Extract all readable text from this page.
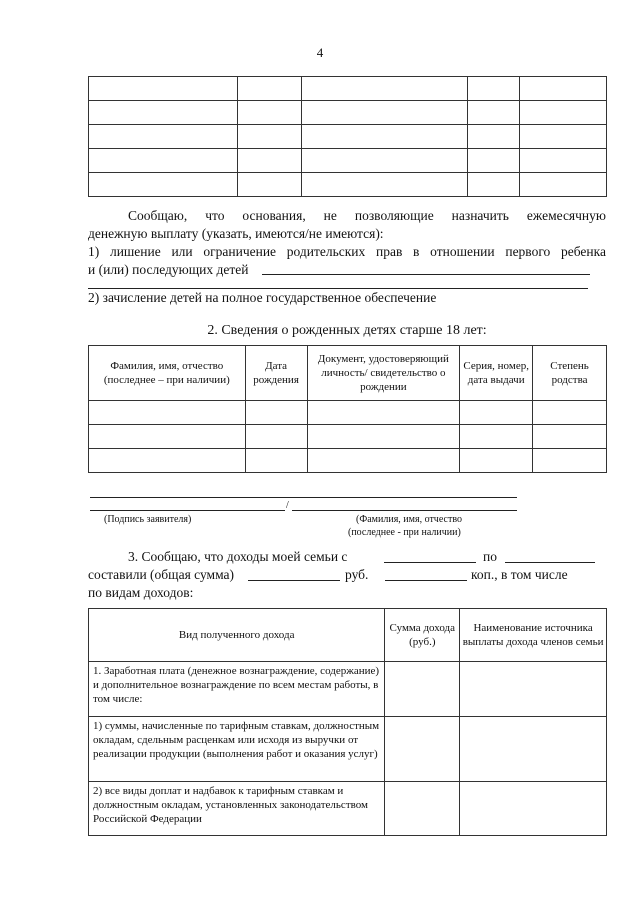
4

Сообщаю, что основания, не позволяющие назначить ежемесячную
денежную выплату (указать, имеются/не имеются):
1) лишение или ограничение родительских прав в отношении первого ребенка
и (или) последующих детей
2) зачисление детей на полное государственное обеспечение
2. Сведения о рожденных детях старше 18 лет:
Фамилия, имя, отчество (последнее – при наличии)	Дата рождения	Документ, удостоверяющий личность/ свидетельство о рождении	Серия, номер, дата выдачи	Степень родства

/
(Подпись заявителя)	(Фамилия, имя, отчество
(последнее - при наличии)
3. Сообщаю, что доходы моей семьи с	по
составили (общая сумма)	руб.	коп., в том числе
по видам доходов:
Вид полученного дохода	Сумма дохода (руб.)	Наименование источника выплаты дохода членов семьи
1. Заработная плата (денежное вознаграждение, содержание) и дополнительное вознаграждение по всем местам работы, в том числе:		
1) суммы, начисленные по тарифным ставкам, должностным окладам, сдельным расценкам или исходя из выручки от реализации продукции (выполнения работ и оказания услуг)		
2) все виды доплат и надбавок к тарифным ставкам и должностным окладам, установленных законодательством Российской Федерации		
